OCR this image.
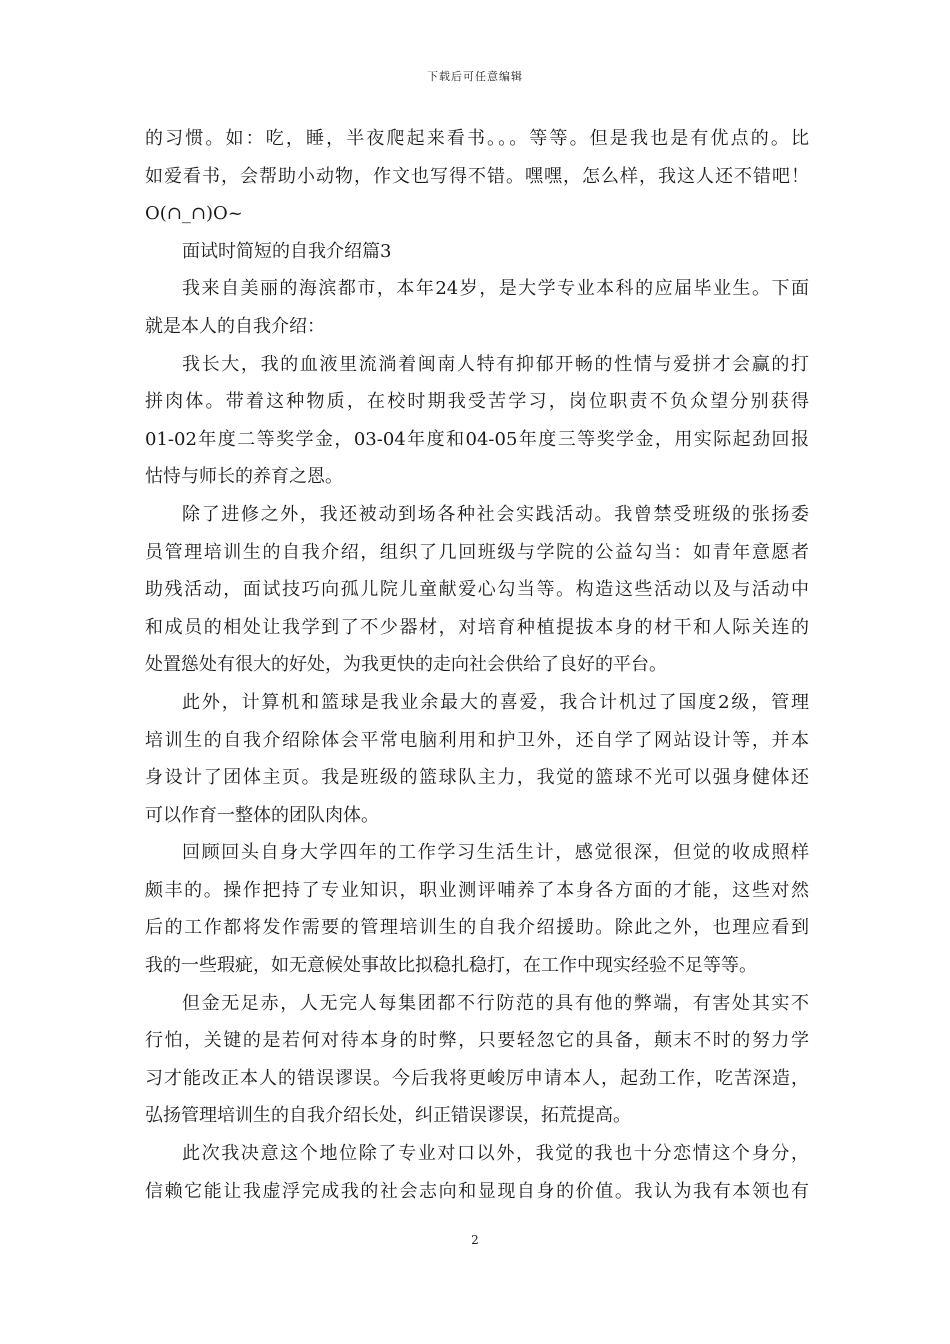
下载后可任意编辑
的习惯。如：吃，睡，半夜爬起来看书。。。等等。但是我也是有优点的。比
如爱看书，会帮助小动物，作文也写得不错。嘿嘿，怎么样，我这人还不错吧！
O(∩_∩)O~
面试时简短的自我介绍篇3
我来自美丽的海滨都市，本年24岁，是大学专业本科的应届毕业生。下面
就是本人的自我介绍：
我长大，我的血液里流淌着闽南人特有抑郁开畅的性情与爱拼才会赢的打
拼肉体。带着这种物质，在校时期我受苦学习，岗位职责不负众望分别获得
01-02年度二等奖学金，03-04年度和04-05年度三等奖学金，用实际起劲回报
怙恃与师长的养育之恩。
除了进修之外，我还被动到场各种社会实践活动。我曾禁受班级的张扬委
员管理培训生的自我介绍，组织了几回班级与学院的公益勾当：如青年意愿者
助残活动，面试技巧向孤儿院儿童献爱心勾当等。构造这些活动以及与活动中
和成员的相处让我学到了不少器材，对培育种植提拔本身的材干和人际关连的
处置慫处有很大的好处，为我更快的走向社会供给了良好的平台。
此外，计算机和篮球是我业余最大的喜爱，我合计机过了国度2级，管理
培训生的自我介绍除体会平常电脑利用和护卫外，还自学了网站设计等，并本
身设计了团体主页。我是班级的篮球队主力，我觉的篮球不光可以强身健体还
可以作育一整体的团队肉体。
回顾回头自身大学四年的工作学习生活生计，感觉很深，但觉的收成照样
颇丰的。操作把持了专业知识，职业测评哺养了本身各方面的才能，这些对然
后的工作都将发作需要的管理培训生的自我介绍援助。除此之外，也理应看到
我的一些瑕疵，如无意候处事故比拟稳扎稳打，在工作中现实经验不足等等。
但金无足赤，人无完人每集团都不行防范的具有他的弊端，有害处其实不
行怕，关键的是若何对待本身的时弊，只要轻忽它的具备，颠末不时的努力学
习才能改正本人的错误谬误。今后我将更峻厉申请本人，起劲工作，吃苦深造，
弘扬管理培训生的自我介绍长处，纠正错误谬误，拓荒提高。
此次我决意这个地位除了专业对口以外，我觉的我也十分恋情这个身分，
信赖它能让我虚浮完成我的社会志向和显现自身的价值。我认为我有本领也有
2
